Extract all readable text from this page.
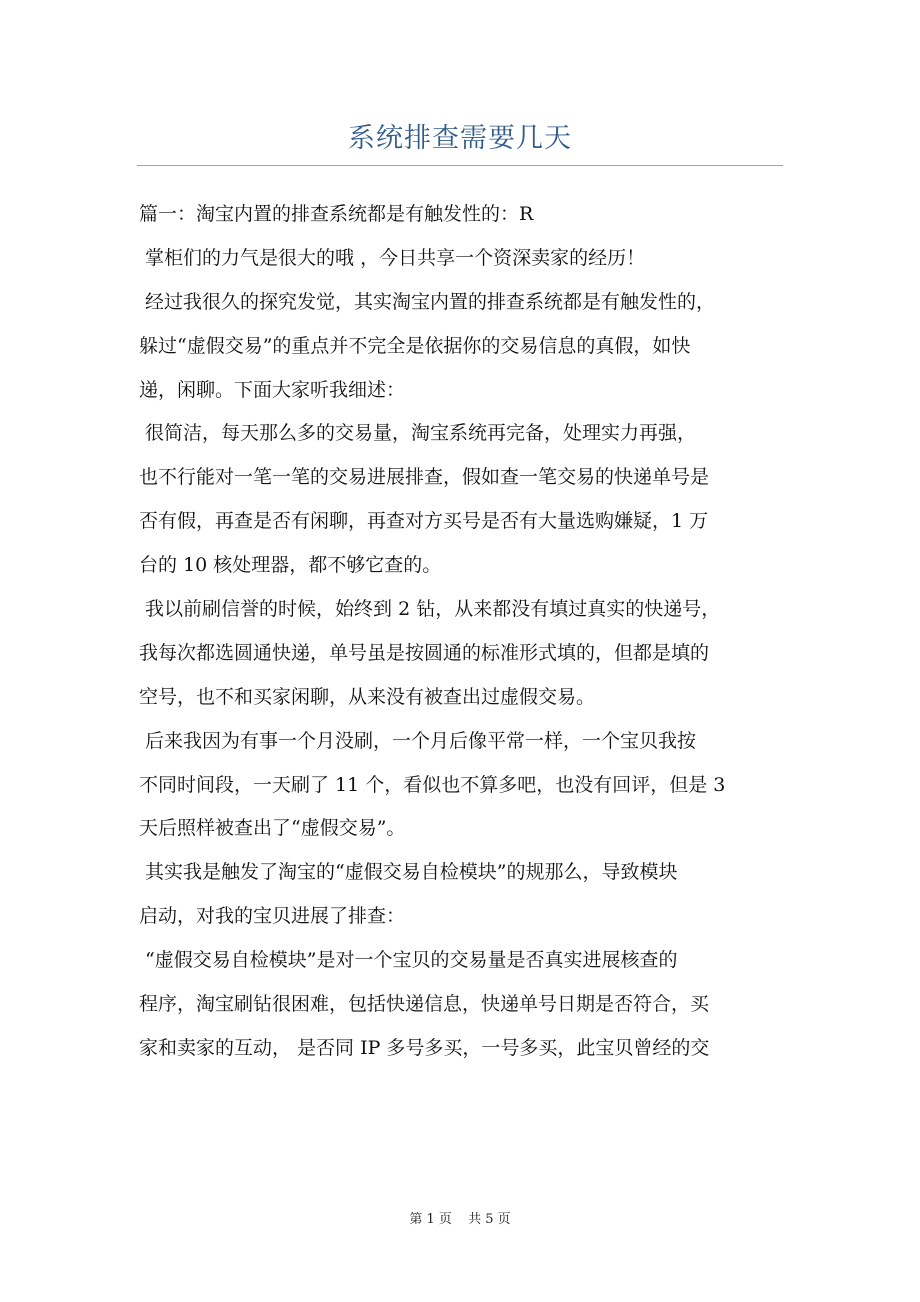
系统排查需要几天
篇一：淘宝内置的排查系统都是有触发性的：R
掌柜们的力气是很大的哦 ，今日共享一个资深卖家的经历！
经过我很久的探究发觉，其实淘宝内置的排查系统都是有触发性的，
躲过“虚假交易”的重点并不完全是依据你的交易信息的真假，如快
递，闲聊。下面大家听我细述：
很简洁，每天那么多的交易量，淘宝系统再完备，处理实力再强，
也不行能对一笔一笔的交易进展排查，假如查一笔交易的快递单号是
否有假，再查是否有闲聊，再查对方买号是否有大量选购嫌疑，1 万
台的 10 核处理器，都不够它查的。
我以前刷信誉的时候，始终到 2 钻，从来都没有填过真实的快递号，
我每次都选圆通快递，单号虽是按圆通的标准形式填的，但都是填的
空号，也不和买家闲聊，从来没有被查出过虚假交易。
后来我因为有事一个月没刷，一个月后像平常一样，一个宝贝我按
不同时间段，一天刷了 11 个，看似也不算多吧，也没有回评，但是 3
天后照样被查出了“虚假交易”。
其实我是触发了淘宝的“虚假交易自检模块”的规那么，导致模块
启动，对我的宝贝进展了排查：
“虚假交易自检模块”是对一个宝贝的交易量是否真实进展核查的
程序，淘宝刷钻很困难，包括快递信息，快递单号日期是否符合，买
家和卖家的互动， 是否同 IP 多号多买，一号多买，此宝贝曾经的交
第 1 页 共 5 页
